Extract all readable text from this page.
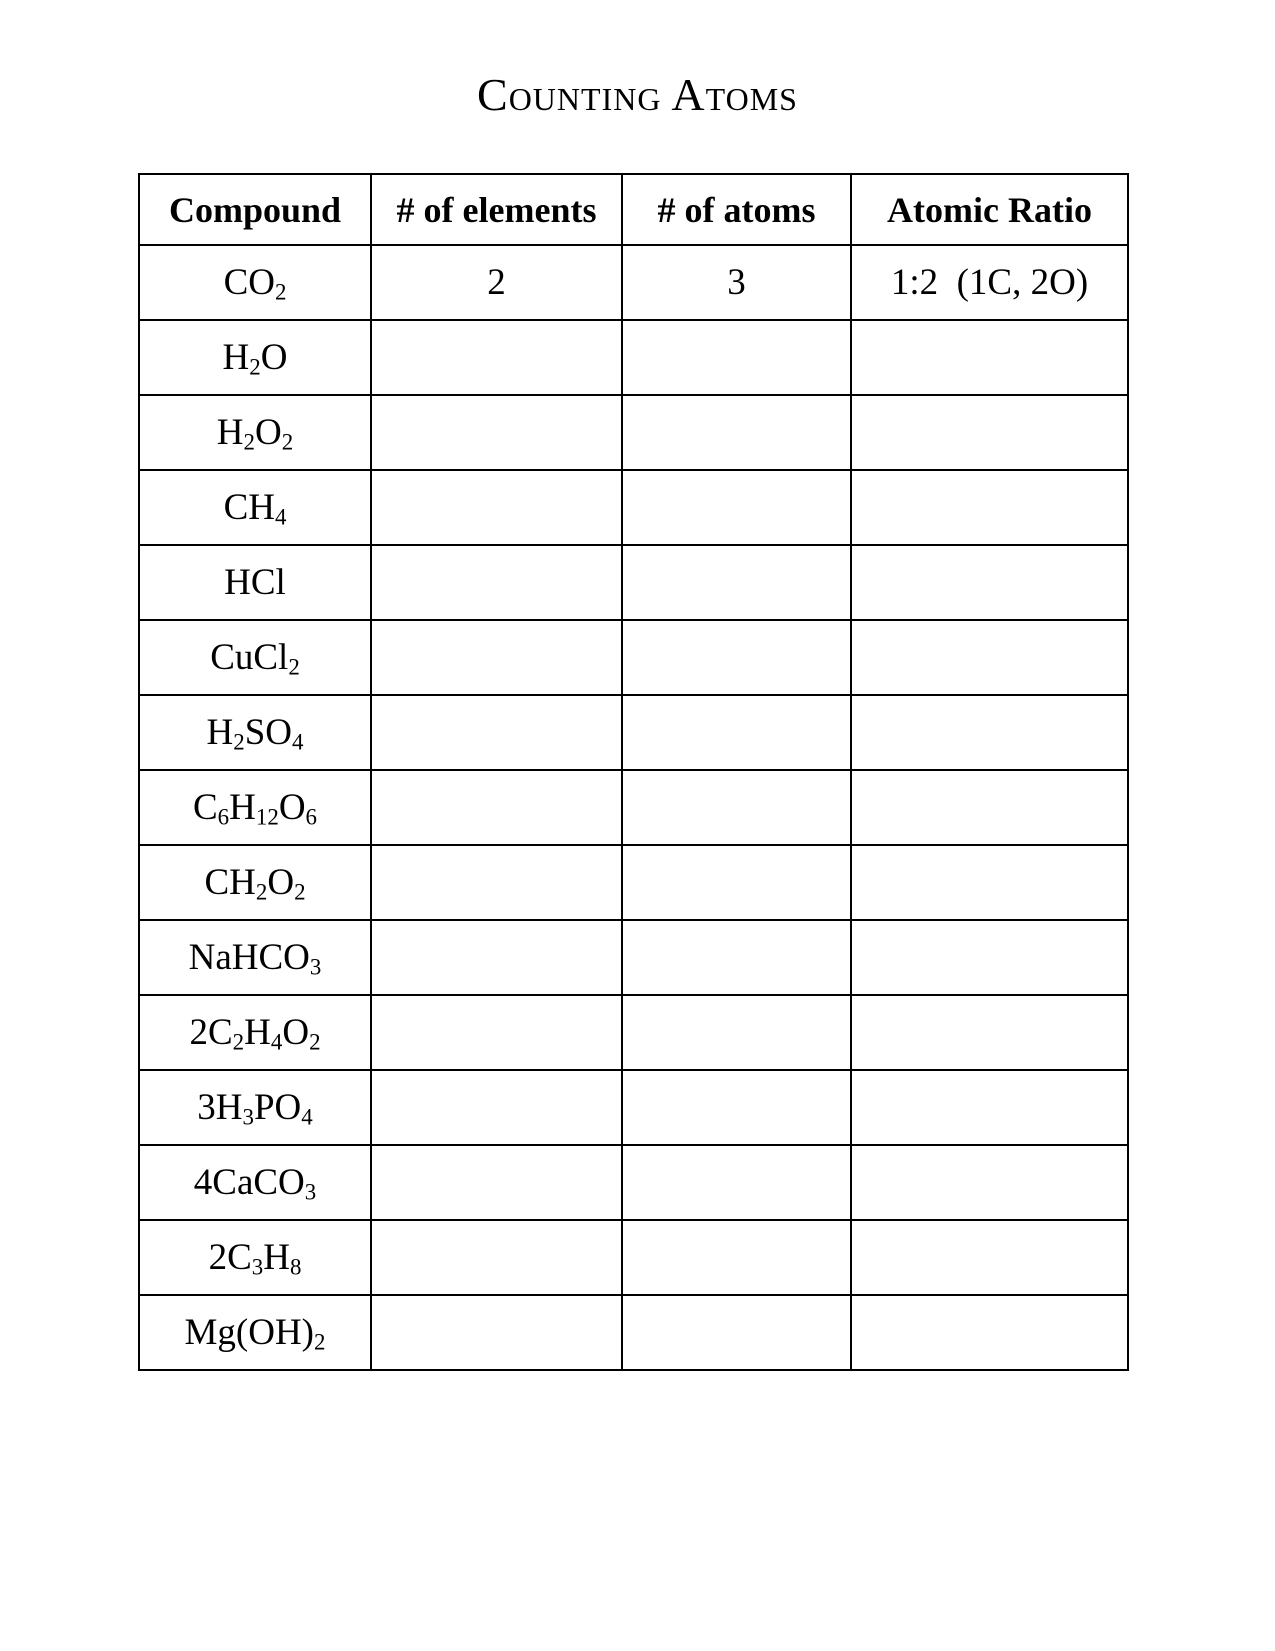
Counting Atoms
Compound	# of elements	# of atoms	Atomic Ratio
$CO_2$	2	3	1:2  (1C, 2O)
$H_2O$			
$H_2O_2$			
$CH_4$			
HCl			
CuCl$_2$			
$H_2SO_4$			
$C_6H_{12}O_6$			
$CH_2O_2$			
NaHCO$_3$			
$2C_2H_4O_2$			
$3H_3PO_4$			
4CaCO$_3$			
$2C_3H_8$			
$Mg(OH)_2$			
